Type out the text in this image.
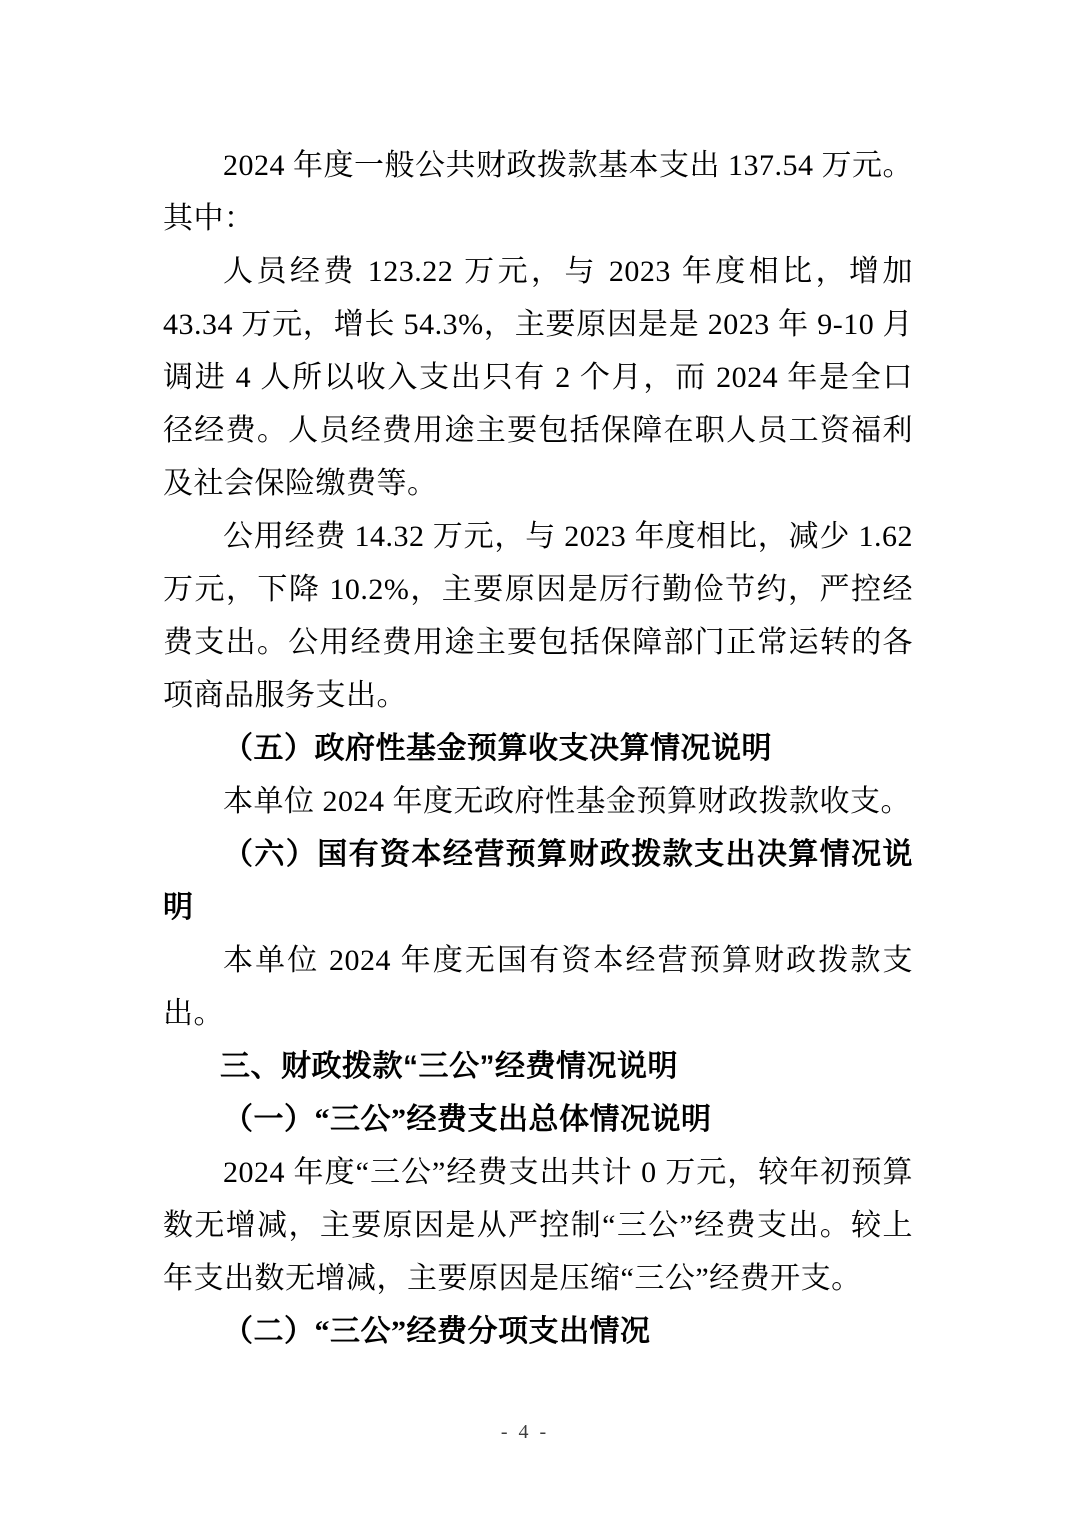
2024 年度一般公共财政拨款基本支出 137.54 万元。其中：

人员经费 123.22 万元，与 2023 年度相比，增加 43.34 万元，增长 54.3%，主要原因是是 2023 年 9-10 月调进 4 人所以收入支出只有 2 个月，而 2024 年是全口径经费。人员经费用途主要包括保障在职人员工资福利及社会保险缴费等。

公用经费 14.32 万元，与 2023 年度相比，减少 1.62 万元，下降 10.2%，主要原因是厉行勤俭节约，严控经费支出。公用经费用途主要包括保障部门正常运转的各项商品服务支出。

（五）政府性基金预算收支决算情况说明

本单位 2024 年度无政府性基金预算财政拨款收支。

（六）国有资本经营预算财政拨款支出决算情况说明

本单位 2024 年度无国有资本经营预算财政拨款支出。

三、财政拨款“三公”经费情况说明

（一）“三公”经费支出总体情况说明

2024 年度“三公”经费支出共计 0 万元，较年初预算数无增减，主要原因是从严控制“三公”经费支出。较上年支出数无增减，主要原因是压缩“三公”经费开支。

（二）“三公”经费分项支出情况

- 4 -
